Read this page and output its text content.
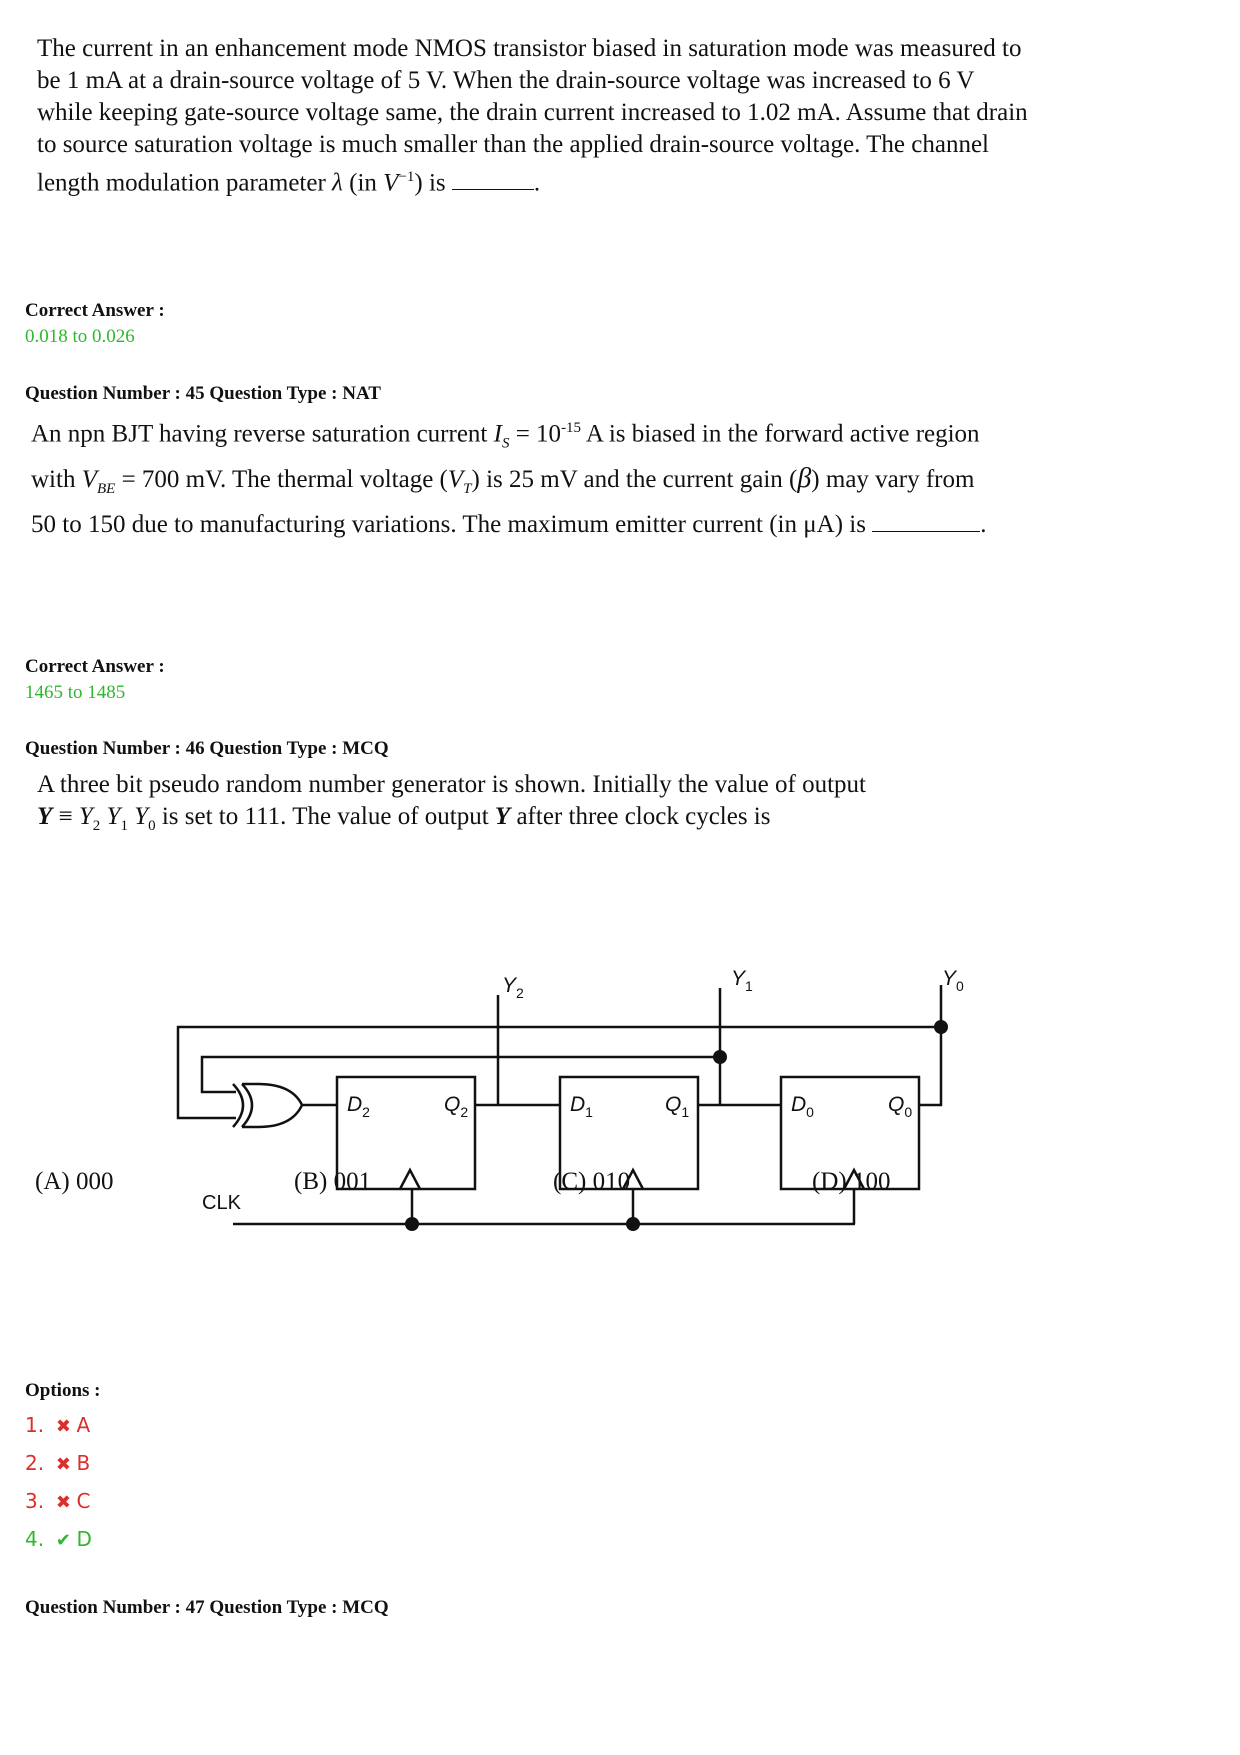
The current in an enhancement mode NMOS transistor biased in saturation mode was measured to
be 1 mA at a drain-source voltage of 5 V. When the drain-source voltage was increased to 6 V
while keeping gate-source voltage same, the drain current increased to 1.02 mA. Assume that drain
to source saturation voltage is much smaller than the applied drain-source voltage. The channel
length modulation parameter λ (in $V^{-1}$) is	.
Correct Answer :
0.018 to 0.026
Question Number : 45 Question Type : NAT
An npn BJT having reverse saturation current $I_S = 10^{-15}$ A is biased in the forward active region
with $V_{BE} = 700$ mV. The thermal voltage $(V_T)$ is 25 mV and the current gain (β) may vary from
50 to 150 due to manufacturing variations. The maximum emitter current (in μA) is	.
Correct Answer :
1465 to 1485
Question Number : 46 Question Type : MCQ
A three bit pseudo random number generator is shown. Initially the value of output
$Y \equiv Y_2$ $Y_1$ $Y_0$ is set to 111. The value of output Y after three clock cycles is
$D_2$	$Q_2$	$D_1$	$Q_1$	$D_0$	$Q_0$
$Y_2$
$Y_1$	$Y_0$
CLK
(A) 000	(B) 001	(C) 010	(D) 100
Options :
1. ✖ A
2. ✖ B
3. ✖ C
4. ✔ D
Question Number : 47 Question Type : MCQ
